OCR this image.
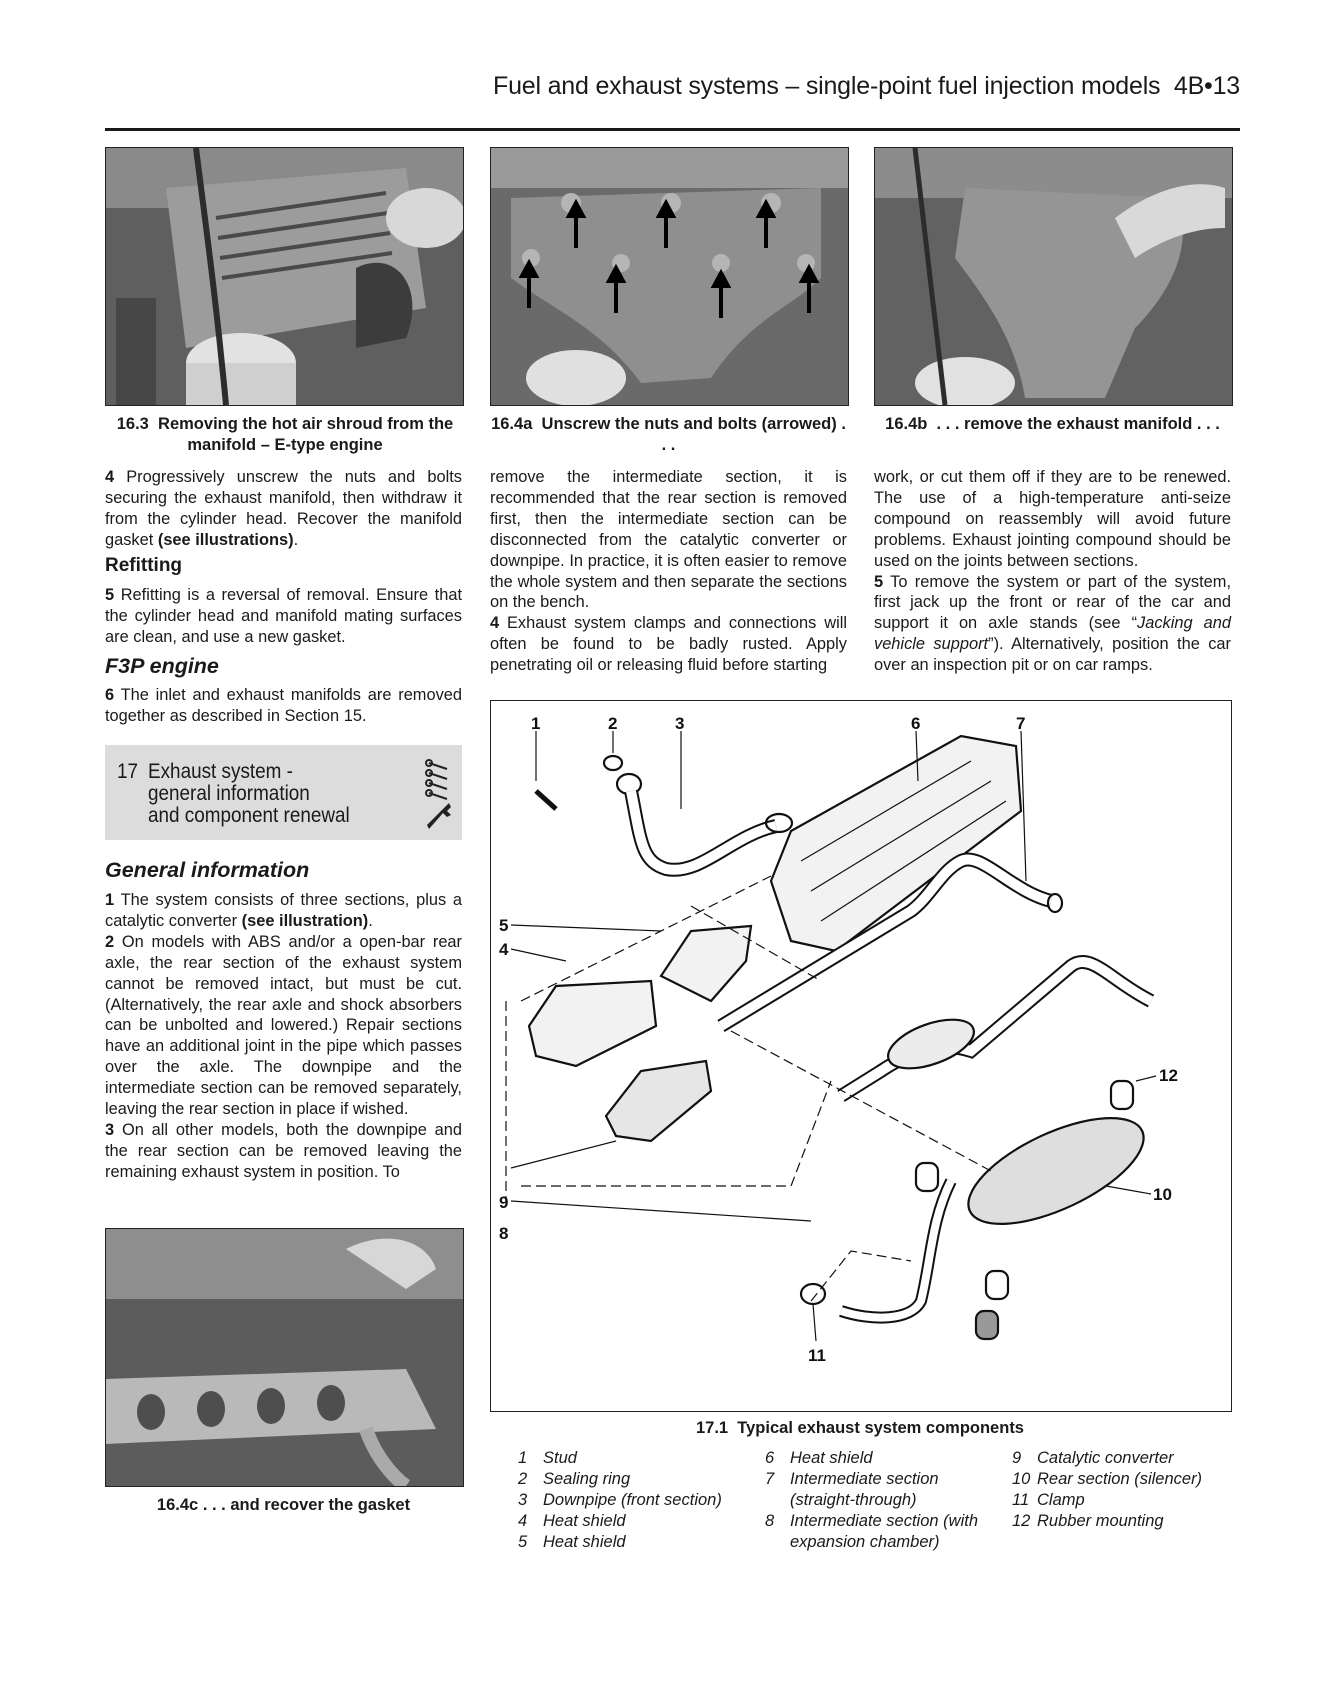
Fuel and exhaust systems – single-point fuel injection models 4B•13
16.3 Removing the hot air shroud from the manifold – E-type engine
16.4a Unscrew the nuts and bolts (arrowed) . . .
16.4b . . . remove the exhaust manifold . . .

4 Progressively unscrew the nuts and bolts securing the exhaust manifold, then withdraw it from the cylinder head. Recover the manifold gasket (see illustrations).

Refitting

5 Refitting is a reversal of removal. Ensure that the cylinder head and manifold mating surfaces are clean, and use a new gasket.

F3P engine

6 The inlet and exhaust manifolds are removed together as described in Section 15.

17 Exhaust system -
general information
and component renewal
General information

1 The system consists of three sections, plus a catalytic converter (see illustration).

2 On models with ABS and/or a open-bar rear axle, the rear section of the exhaust system cannot be removed intact, but must be cut. (Alternatively, the rear axle and shock absorbers can be unbolted and lowered.) Repair sections have an additional joint in the pipe which passes over the axle. The downpipe and the intermediate section can be removed separately, leaving the rear section in place if wished.

3 On all other models, both the downpipe and the rear section can be removed leaving the remaining exhaust system in position. To

16.4c . . . and recover the gasket

remove the intermediate section, it is recommended that the rear section is removed first, then the intermediate section can be disconnected from the catalytic converter or downpipe. In practice, it is often easier to remove the whole system and then separate the sections on the bench.

4 Exhaust system clamps and connections will often be found to be badly rusted. Apply penetrating oil or releasing fluid before starting

work, or cut them off if they are to be renewed. The use of a high-temperature anti-seize compound on reassembly will avoid future problems. Exhaust jointing compound should be used on the joints between sections.

5 To remove the system or part of the system, first jack up the front or rear of the car and support it on axle stands (see “Jacking and vehicle support”). Alternatively, position the car over an inspection pit or on car ramps.

1	2	3	6	7
5
4
12
10
9
8
11
17.1 Typical exhaust system components
1 Stud
2 Sealing ring
3 Downpipe (front section)
4 Heat shield
5 Heat shield
6 Heat shield
7 Intermediate section (straight-through)
8 Intermediate section (with expansion chamber)
9 Catalytic converter
10 Rear section (silencer)
11 Clamp
12 Rubber mounting
